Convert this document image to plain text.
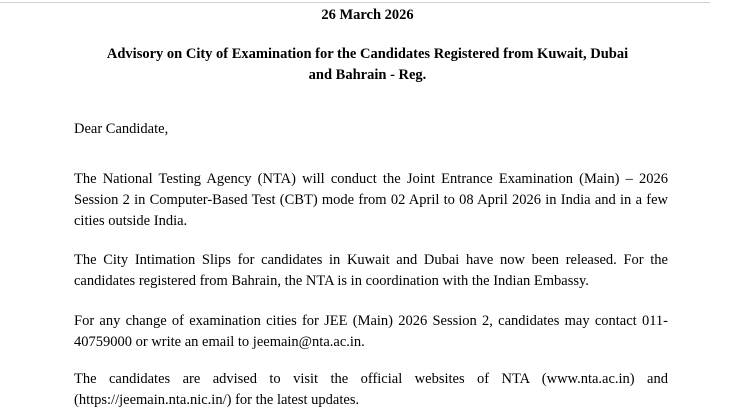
26 March 2026
Advisory on City of Examination for the Candidates Registered from Kuwait, Dubai
and Bahrain - Reg.
Dear Candidate,
The National Testing Agency (NTA) will conduct the Joint Entrance Examination (Main) – 2026 Session 2 in Computer-Based Test (CBT) mode from 02 April to 08 April 2026 in India and in a few cities outside India.
The City Intimation Slips for candidates in Kuwait and Dubai have now been released. For the candidates registered from Bahrain, the NTA is in coordination with the Indian Embassy.
For any change of examination cities for JEE (Main) 2026 Session 2, candidates may contact 011-40759000 or write an email to jeemain@nta.ac.in.
The candidates are advised to visit the official websites of NTA (www.nta.ac.in) and (https://jeemain.nta.nic.in/) for the latest updates.
